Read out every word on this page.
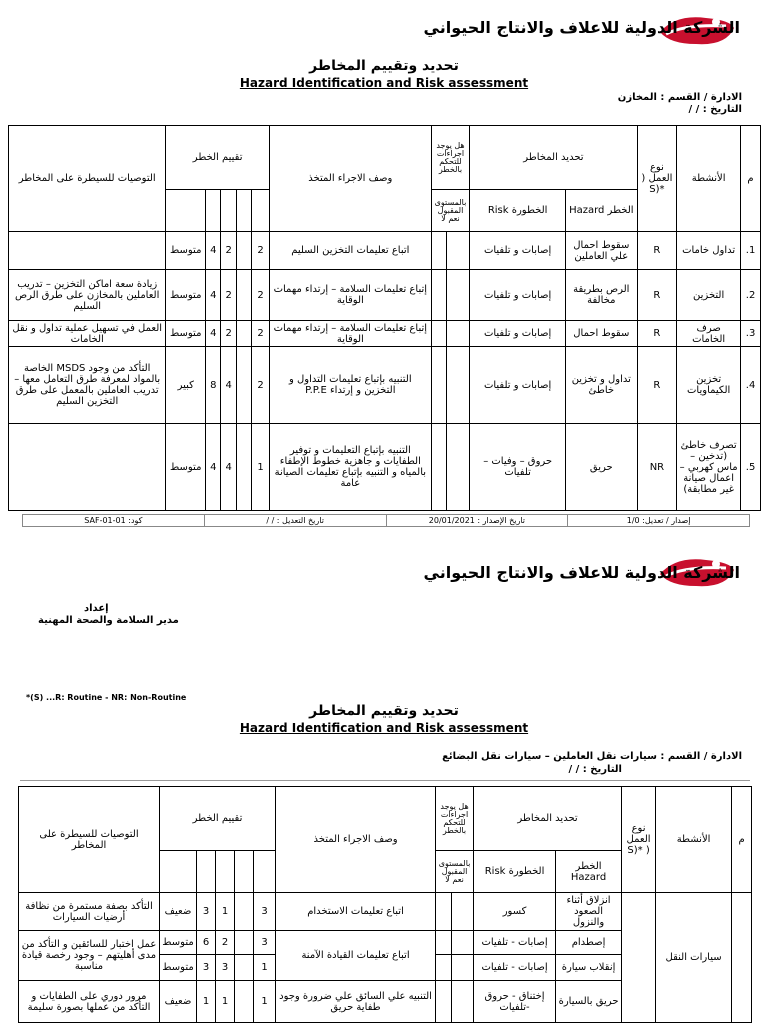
الشركة الدولية للاعلاف والانتاج الحيواني
تحديد وتقييم المخاطر
Hazard Identification and Risk assessment
الادارة / القسم : المخازن
التاريخ : / /
التوصيات للسيطرة على المخاطر	تقييم الخطر					وصف الاجراء المتخذ	هل يوجد اجراءات للتحكم بالخطر		تحديد المخاطر		نوع العمل ( *(S	الأنشطة	م
							بالمستوى المقبول نعم لا		الخطورة Risk	الخطر Hazard			
	متوسط	4	2		2	اتباع تعليمات التخزين السليم			إصابات و تلفيات	سقوط احمال علي العاملين	R	تداول خامات	1.
زيادة سعة اماكن التخزين – تدريب العاملين بالمخازن على طرق الرص السليم	متوسط	4	2		2	إتباع تعليمات السلامة – إرتداء مهمات الوقاية			إصابات و تلفيات	الرص بطريقة مخالفة	R	التخزين	2.
العمل في تسهيل عملية تداول و نقل الخامات	متوسط	4	2		2	إتباع تعليمات السلامة – إرتداء مهمات الوقاية			إصابات و تلفيات	سقوط احمال	R	صرف الخامات	3.
التأكد من وجود MSDS الخاصة بالمواد لمعرفة طرق التعامل معها – تدريب العاملين بالمعمل على طرق التخزين السليم	كبير	8	4		2	التنبيه بإتباع تعليمات التداول و التخزين و إرتداء P.P.E			إصابات و تلفيات	تداول و تخزين خاطئ	R	تخزين الكيماويات	4.
	متوسط	4	4		1	التنبيه بإتباع التعليمات و توفير الطفايات و جاهزية خطوط الإطفاء بالمياه و التنبيه بإتباع تعليمات الصيانة عامة			حروق – وفيات – تلفيات	حريق	NR	تصرف خاطئ (تدخين – ماس كهربي – اعمال صيانة غير مطابقة)	5.
كود: SAF-01-01	تاريخ التعديل : / /	تاريخ الإصدار : 20/01/2021	إصدار / تعديل: 1/0
الشركة الدولية للاعلاف والانتاج الحيواني
إعداد
مدير السلامة والصحة المهنية
*(S) ...R: Routine - NR: Non-Routine
تحديد وتقييم المخاطر
Hazard Identification and Risk assessment
الادارة / القسم : سيارات نقل العاملين – سيارات نقل البضائع
التاريخ : / /
التوصيات للسيطرة على المخاطر	تقييم الخطر					وصف الاجراء المتخذ	هل يوجد اجراءات للتحكم بالخطر		تحديد المخاطر		نوع العمل ( *(S	الأنشطة	م
							بالمستوى المقبول نعم لا		الخطورة Risk	الخطر Hazard			
التأكد بصفة مستمرة من نظافة أرضيات السيارات	ضعيف	3	1		3	اتباع تعليمات الاستخدام			كسور	انزلاق أثناء الصعود والنزول		سيارات النقل	
عمل اختبار للسائقين و التأكد من مدى أهليتهم – وجود رخصة قيادة مناسبة	متوسط	6	2		3	اتباع تعليمات القيادة الآمنة			إصابات - تلفيات	إصطدام			
	متوسط	3	3		1				إصابات - تلفيات	إنقلاب سيارة			
مرور دوري على الطفايات و التأكد من عملها بصورة سليمة	ضعيف	1	1		1	التنبيه علي السائق علي ضرورة وجود طفاية حريق			إختناق - حروق -تلفيات	حريق بالسيارة			
